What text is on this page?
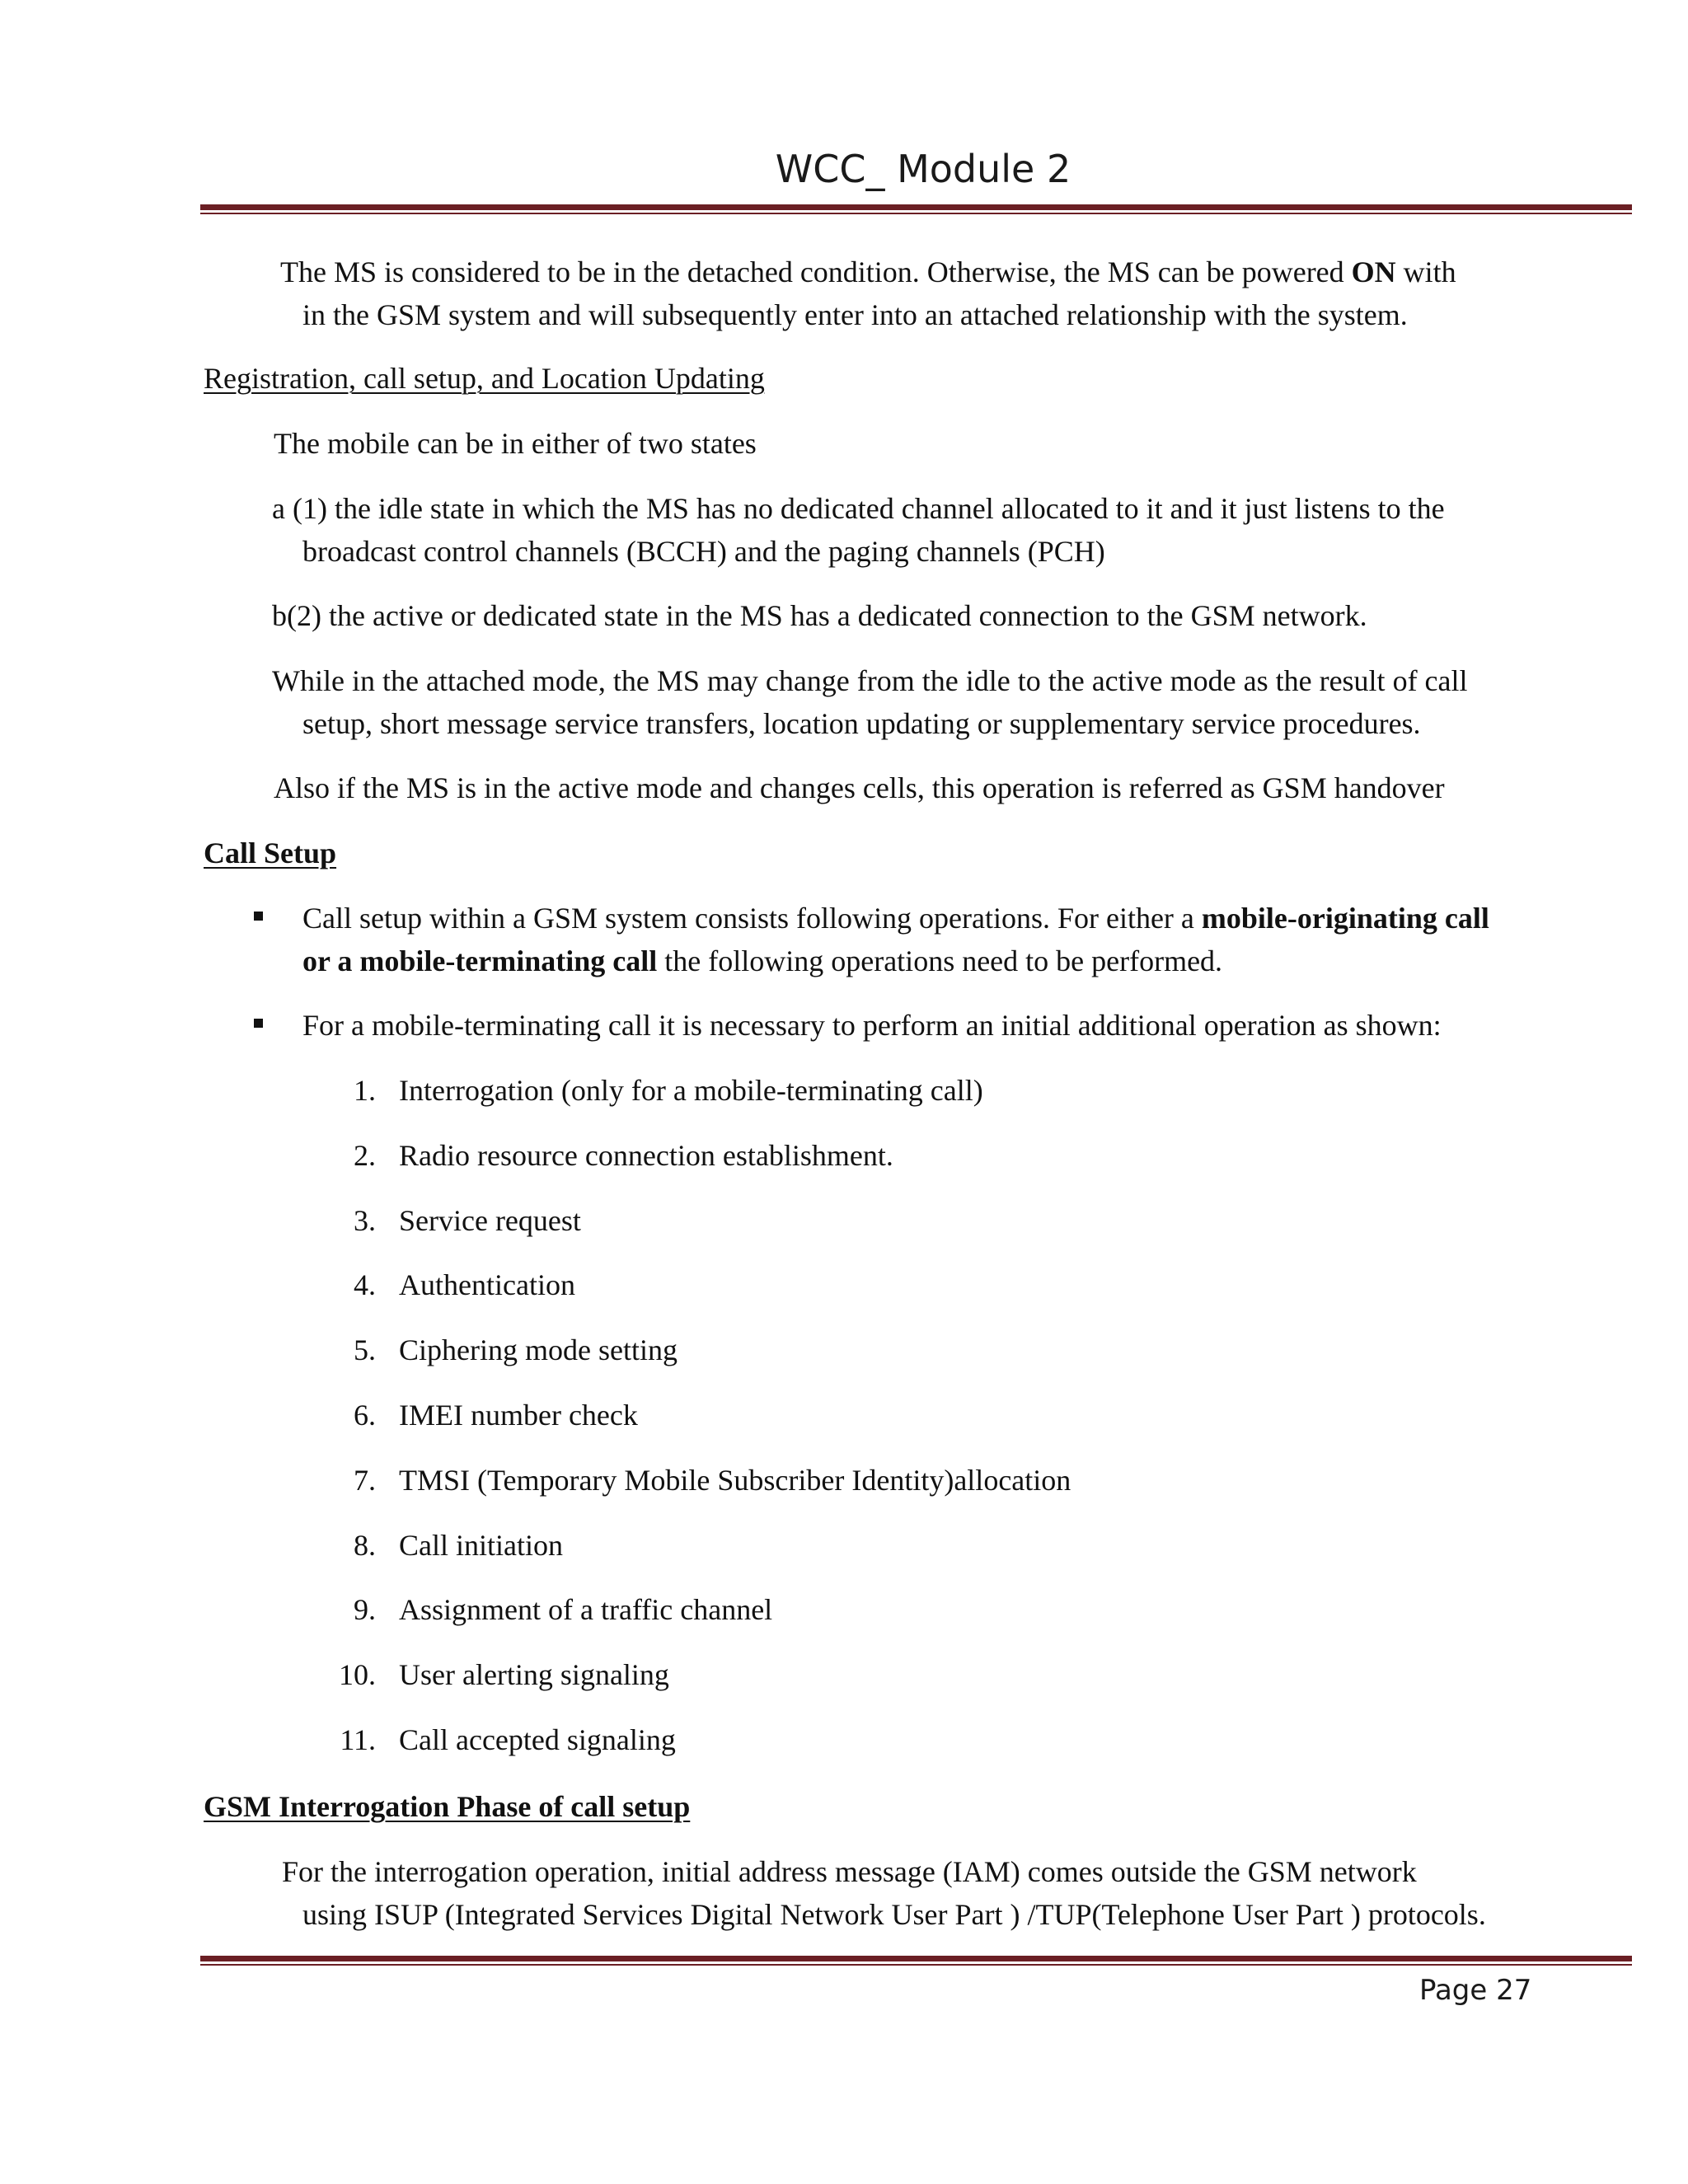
WCC_ Module 2

The MS is considered to be in the detached condition. Otherwise, the MS can be powered ON with

in the GSM system and will subsequently enter into an attached relationship with the system.

Registration, call setup, and Location Updating

The mobile can be in either of two states

a (1) the idle state in which the MS has no dedicated channel allocated to it and it just listens to the

broadcast control channels (BCCH) and the paging channels (PCH)

b(2) the active or dedicated state in the MS has a dedicated connection to the GSM network.

While in the attached mode, the MS may change from the idle to the active mode as the result of call

setup, short message service transfers, location updating or supplementary service procedures.

Also if the MS is in the active mode and changes cells, this operation is referred as GSM handover

Call Setup

Call setup within a GSM system consists following operations. For either a mobile-originating call

or a mobile-terminating call the following operations need to be performed.

For a mobile-terminating call it is necessary to perform an initial additional operation as shown:

1. Interrogation (only for a mobile-terminating call)

2. Radio resource connection establishment.

3. Service request

4. Authentication

5. Ciphering mode setting

6. IMEI number check

7. TMSI (Temporary Mobile Subscriber Identity)allocation

8. Call initiation

9. Assignment of a traffic channel

10. User alerting signaling

11. Call accepted signaling

GSM Interrogation Phase of call setup

For the interrogation operation, initial address message (IAM) comes outside the GSM network

using ISUP (Integrated Services Digital Network User Part ) /TUP(Telephone User Part ) protocols.

Page 27
